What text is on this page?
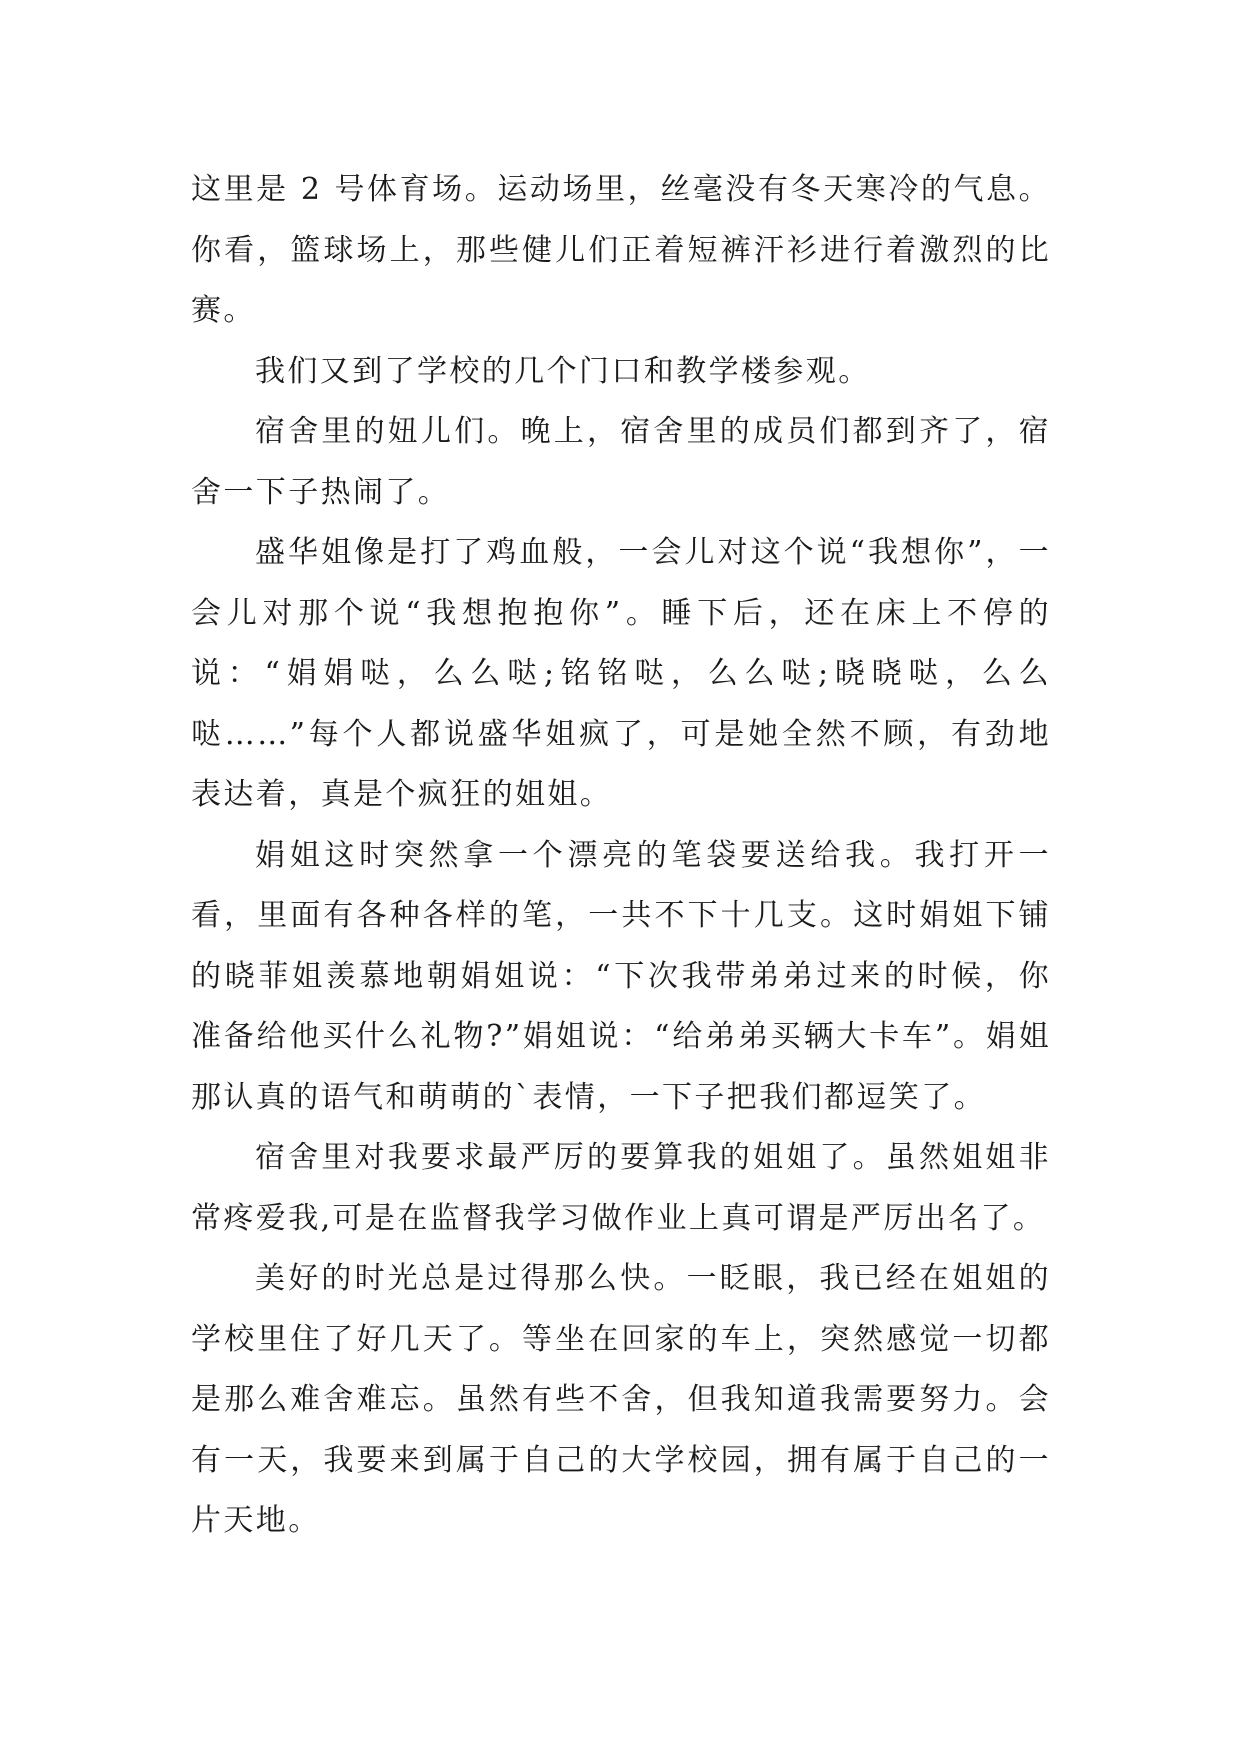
这里是 2 号体育场。运动场里，丝毫没有冬天寒冷的气息。你看，篮球场上，那些健儿们正着短裤汗衫进行着激烈的比赛。

我们又到了学校的几个门口和教学楼参观。

宿舍里的妞儿们。晚上，宿舍里的成员们都到齐了，宿舍一下子热闹了。

盛华姐像是打了鸡血般，一会儿对这个说“我想你”，一会儿对那个说“我想抱抱你”。睡下后，还在床上不停的说：“娟娟哒，么么哒;铭铭哒，么么哒;晓晓哒，么么哒……”每个人都说盛华姐疯了，可是她全然不顾，有劲地表达着，真是个疯狂的姐姐。

娟姐这时突然拿一个漂亮的笔袋要送给我。我打开一看，里面有各种各样的笔，一共不下十几支。这时娟姐下铺的晓菲姐羡慕地朝娟姐说：“下次我带弟弟过来的时候，你准备给他买什么礼物?”娟姐说：“给弟弟买辆大卡车”。娟姐那认真的语气和萌萌的`表情，一下子把我们都逗笑了。

宿舍里对我要求最严厉的要算我的姐姐了。虽然姐姐非常疼爱我,可是在监督我学习做作业上真可谓是严厉出名了。

美好的时光总是过得那么快。一眨眼，我已经在姐姐的学校里住了好几天了。等坐在回家的车上，突然感觉一切都是那么难舍难忘。虽然有些不舍，但我知道我需要努力。会有一天，我要来到属于自己的大学校园，拥有属于自己的一片天地。
